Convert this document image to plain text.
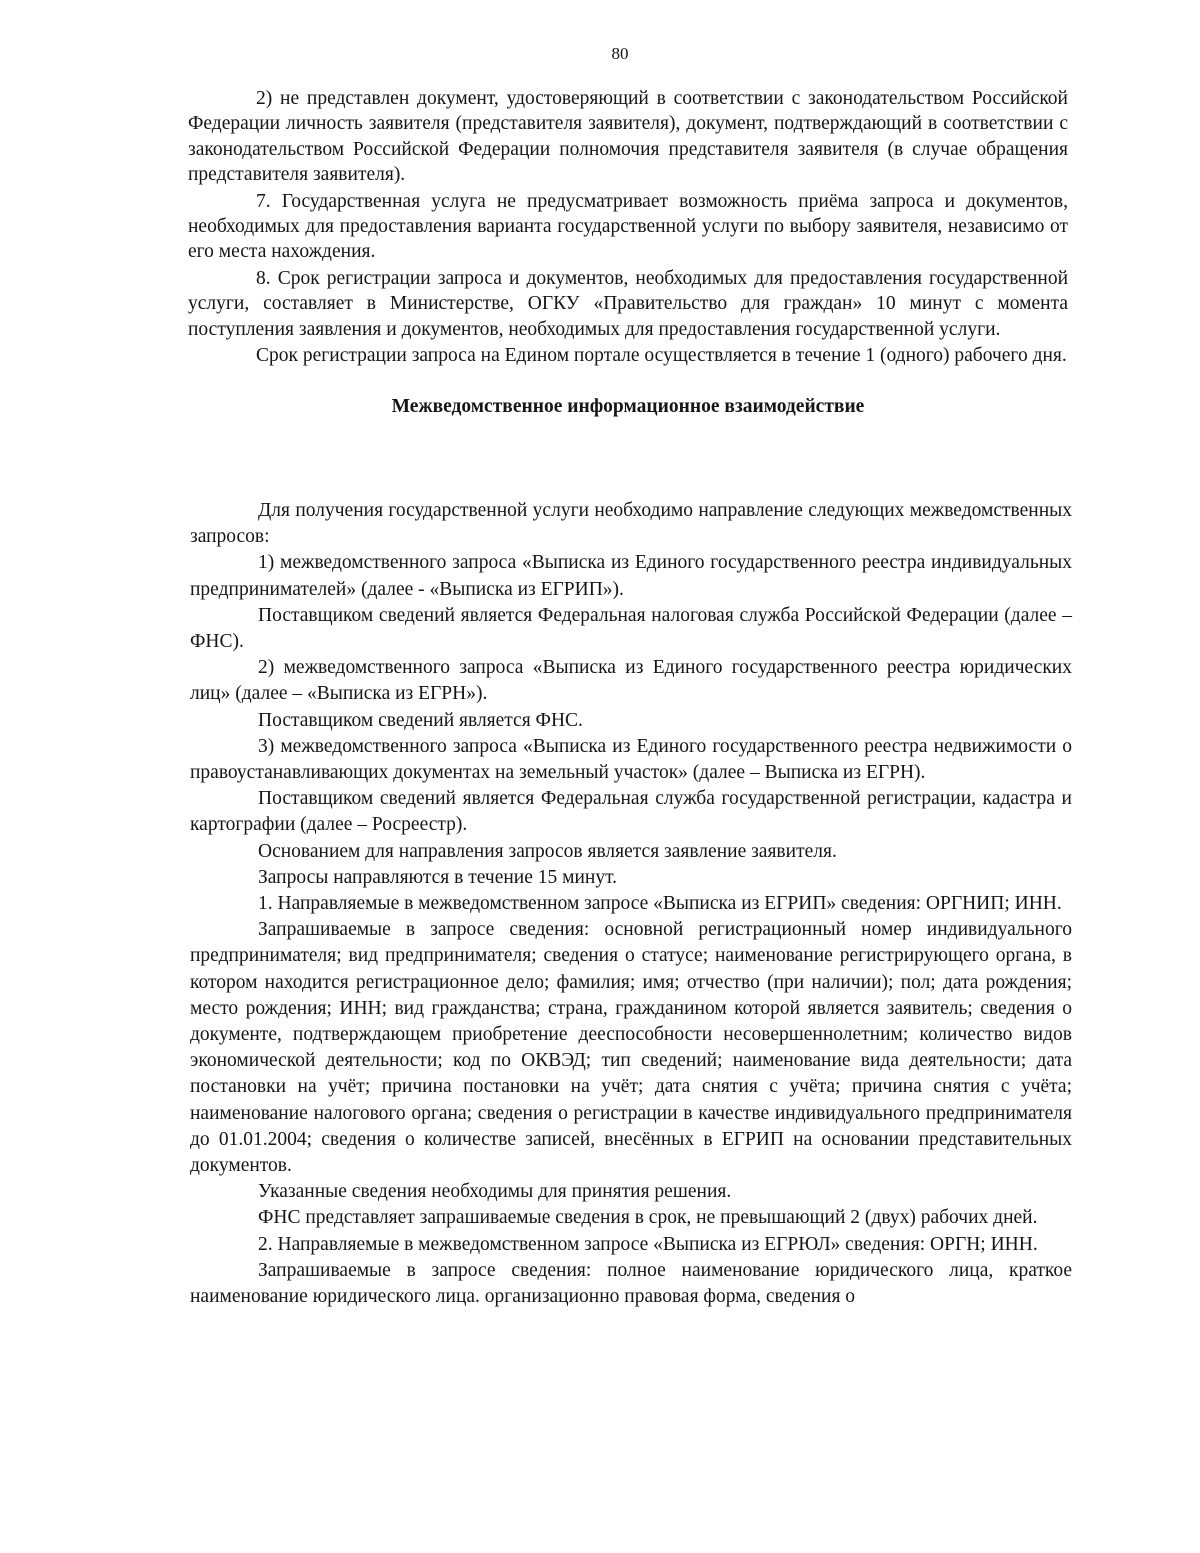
80

2) не представлен документ, удостоверяющий в соответствии с законодательством Российской Федерации личность заявителя (представителя заявителя), документ, подтверждающий в соответствии с законодательством Российской Федерации полномочия представителя заявителя (в случае обращения представителя заявителя).

7. Государственная услуга не предусматривает возможность приёма запроса и документов, необходимых для предоставления варианта государственной услуги по выбору заявителя, независимо от его места нахождения.

8. Срок регистрации запроса и документов, необходимых для предоставления государственной услуги, составляет в Министерстве, ОГКУ «Правительство для граждан» 10 минут с момента поступления заявления и документов, необходимых для предоставления государственной услуги.

Срок регистрации запроса на Едином портале осуществляется в течение 1 (одного) рабочего дня.

Межведомственное информационное взаимодействие

Для получения государственной услуги необходимо направление следующих межведомственных запросов:

1) межведомственного запроса «Выписка из Единого государственного реестра индивидуальных предпринимателей» (далее - «Выписка из ЕГРИП»).

Поставщиком сведений является Федеральная налоговая служба Российской Федерации (далее – ФНС).

2) межведомственного запроса «Выписка из Единого государственного реестра юридических лиц» (далее – «Выписка из ЕГРН»).

Поставщиком сведений является ФНС.

3) межведомственного запроса «Выписка из Единого государственного реестра недвижимости о правоустанавливающих документах на земельный участок» (далее – Выписка из ЕГРН).

Поставщиком сведений является Федеральная служба государственной регистрации, кадастра и картографии (далее – Росреестр).

Основанием для направления запросов является заявление заявителя.

Запросы направляются в течение 15 минут.

1. Направляемые в межведомственном запросе «Выписка из ЕГРИП» сведения: ОРГНИП; ИНН.

Запрашиваемые в запросе сведения: основной регистрационный номер индивидуального предпринимателя; вид предпринимателя; сведения о статусе; наименование регистрирующего органа, в котором находится регистрационное дело; фамилия; имя; отчество (при наличии); пол; дата рождения; место рождения; ИНН; вид гражданства; страна, гражданином которой является заявитель; сведения о документе, подтверждающем приобретение дееспособности несовершеннолетним; количество видов экономической деятельности; код по ОКВЭД; тип сведений; наименование вида деятельности; дата постановки на учёт; причина постановки на учёт; дата снятия с учёта; причина снятия с учёта; наименование налогового органа; сведения о регистрации в качестве индивидуального предпринимателя до 01.01.2004; сведения о количестве записей, внесённых в ЕГРИП на основании представительных документов.

Указанные сведения необходимы для принятия решения.

ФНС представляет запрашиваемые сведения в срок, не превышающий 2 (двух) рабочих дней.

2. Направляемые в межведомственном запросе «Выписка из ЕГРЮЛ» сведения: ОРГН; ИНН.

Запрашиваемые в запросе сведения: полное наименование юридического лица, краткое наименование юридического лица. организационно правовая форма, сведения о
